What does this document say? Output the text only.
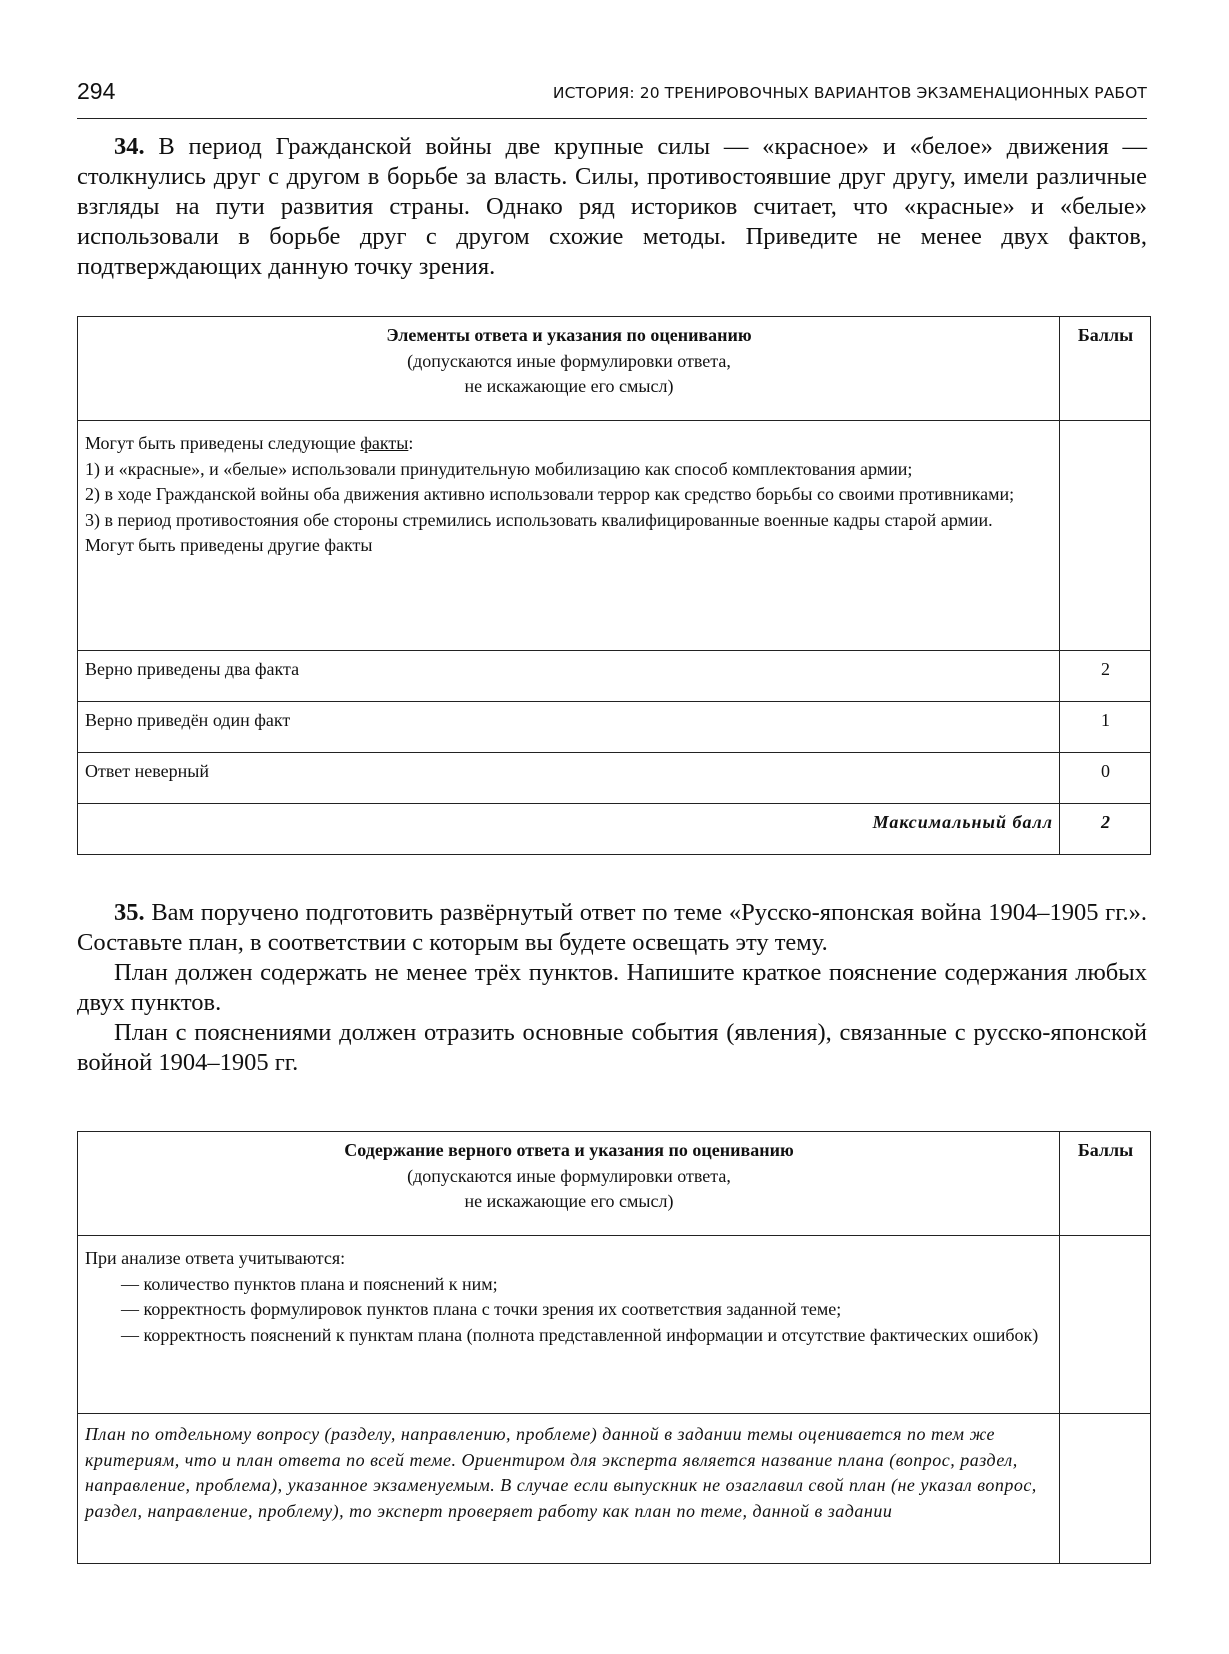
294	ИСТОРИЯ: 20 ТРЕНИРОВОЧНЫХ ВАРИАНТОВ ЭКЗАМЕНАЦИОННЫХ РАБОТ

34. В период Гражданской войны две крупные силы — «красное» и «белое» движения — столкнулись друг с другом в борьбе за власть. Силы, противостоявшие друг другу, имели различные взгляды на пути развития страны. Однако ряд историков считает, что «красные» и «белые» использовали в борьбе друг с другом схожие методы. Приведите не менее двух фактов, подтверждающих данную точку зрения.

Элементы ответа и указания по оцениванию
(допускаются иные формулировки ответа,
не искажающие его смысл)	Баллы

Могут быть приведены следующие факты:
1) и «красные», и «белые» использовали принудительную мобилизацию как способ комплектования армии;
2) в ходе Гражданской войны оба движения активно использовали террор как средство борьбы со своими противниками;
3) в период противостояния обе стороны стремились использовать квалифицированные военные кадры старой армии.
Могут быть приведены другие факты	

Верно приведены два факта	2
Верно приведён один факт	1
Ответ неверный	0
Максимальный балл	2

35. Вам поручено подготовить развёрнутый ответ по теме «Русско-японская война 1904–1905 гг.». Составьте план, в соответствии с которым вы будете освещать эту тему.

План должен содержать не менее трёх пунктов. Напишите краткое пояснение содержания любых двух пунктов.

План с пояснениями должен отразить основные события (явления), связанные с русско-японской войной 1904–1905 гг.

Содержание верного ответа и указания по оцениванию
(допускаются иные формулировки ответа,
не искажающие его смысл)	Баллы

При анализе ответа учитываются:
— количество пунктов плана и пояснений к ним;
— корректность формулировок пунктов плана с точки зрения их соответствия заданной теме;
— корректность пояснений к пунктам плана (полнота представленной информации и отсутствие фактических ошибок)	

План по отдельному вопросу (разделу, направлению, проблеме) данной в задании темы оценивается по тем же критериям, что и план ответа по всей теме. Ориентиром для эксперта является название плана (вопрос, раздел, направление, проблема), указанное экзаменуемым. В случае если выпускник не озаглавил свой план (не указал вопрос, раздел, направление, проблему), то эксперт проверяет работу как план по теме, данной в задании	
